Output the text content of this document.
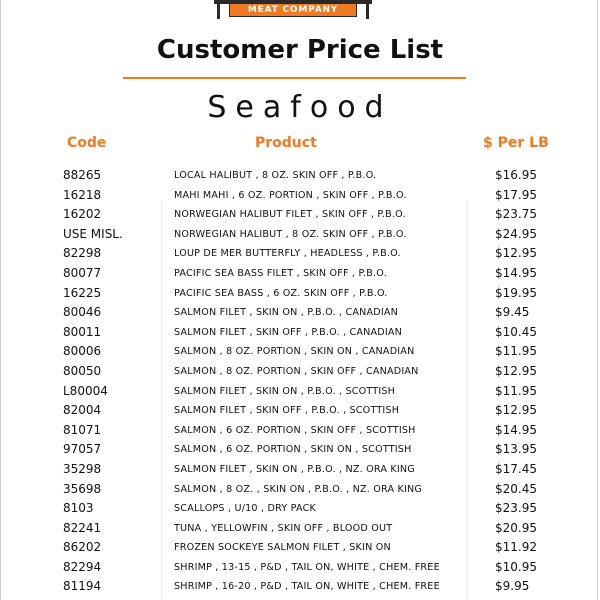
MEAT COMPANY
Customer Price List
Seafood
Code	Product	$ Per LB
88265	LOCAL HALIBUT , 8 OZ. SKIN OFF , P.B.O.	$16.95
16218	MAHI MAHI , 6 OZ. PORTION , SKIN OFF , P.B.O.	$17.95
16202	NORWEGIAN HALIBUT FILET , SKIN OFF , P.B.O.	$23.75
USE MISL.	NORWEGIAN HALIBUT , 8 OZ. SKIN OFF , P.B.O.	$24.95
82298	LOUP DE MER BUTTERFLY , HEADLESS , P.B.O.	$12.95
80077	PACIFIC SEA BASS FILET , SKIN OFF , P.B.O.	$14.95
16225	PACIFIC SEA BASS , 6 OZ. SKIN OFF , P.B.O.	$19.95
80046	SALMON FILET , SKIN ON , P.B.O. , CANADIAN	$9.45
80011	SALMON FILET , SKIN OFF , P.B.O. , CANADIAN	$10.45
80006	SALMON , 8 OZ. PORTION , SKIN ON , CANADIAN	$11.95
80050	SALMON , 8 OZ. PORTION , SKIN OFF , CANADIAN	$12.95
L80004	SALMON FILET , SKIN ON , P.B.O. , SCOTTISH	$11.95
82004	SALMON FILET , SKIN OFF , P.B.O. , SCOTTISH	$12.95
81071	SALMON , 6 OZ. PORTION , SKIN OFF , SCOTTISH	$14.95
97057	SALMON , 6 OZ. PORTION , SKIN ON , SCOTTISH	$13.95
35298	SALMON FILET , SKIN ON , P.B.O. , NZ. ORA KING	$17.45
35698	SALMON , 8 OZ. , SKIN ON , P.B.O. , NZ. ORA KING	$20.45
8103	SCALLOPS , U/10 , DRY PACK	$23.95
82241	TUNA , YELLOWFIN , SKIN OFF , BLOOD OUT	$20.95
86202	FROZEN SOCKEYE SALMON FILET , SKIN ON	$11.92
82294	SHRIMP , 13-15 , P&D , TAIL ON, WHITE , CHEM. FREE	$10.95
81194	SHRIMP , 16-20 , P&D , TAIL ON, WHITE , CHEM. FREE	$9.95
